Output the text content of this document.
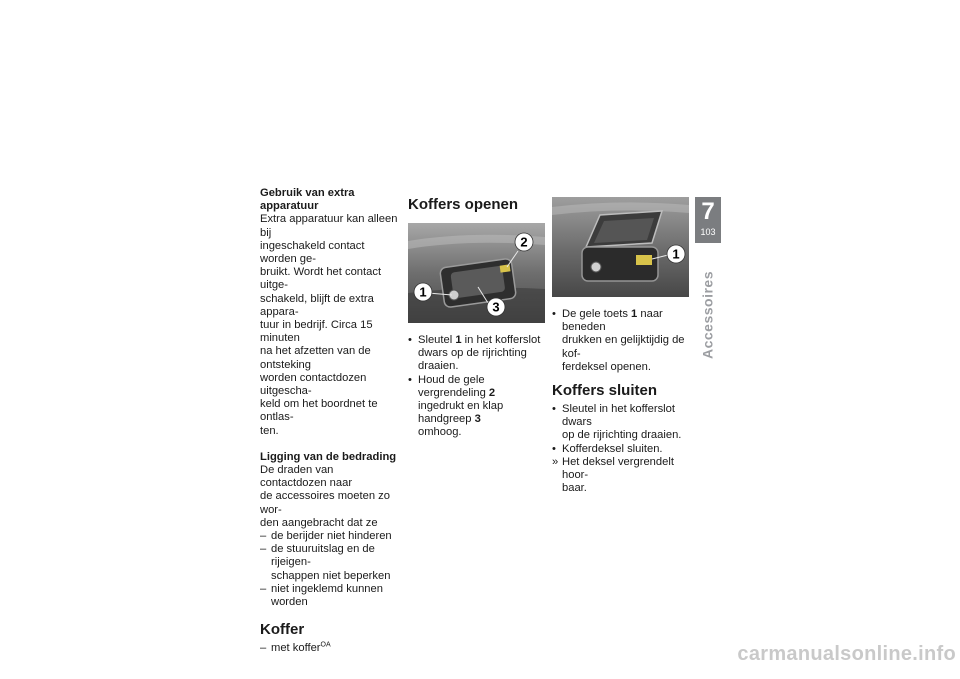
Gebruik van extra apparatuur
Extra apparatuur kan alleen bij
ingeschakeld contact worden ge-
bruikt. Wordt het contact uitge-
schakeld, blijft de extra appara-
tuur in bedrijf. Circa 15 minuten
na het afzetten van de ontsteking
worden contactdozen uitgescha-
keld om het boordnet te ontlas-
ten.
Ligging van de bedrading
De draden van contactdozen naar
de accessoires moeten zo wor-
den aangebracht dat ze
– de berijder niet hinderen
– de stuuruitslag en de rijeigen-
schappen niet beperken
– niet ingeklemd kunnen worden
Koffer
– met koffer$^{OA}$
Koffers openen
2
1
3
• Sleutel 1 in het kofferslot
dwars op de rijrichting draaien.
• Houd de gele vergrendeling 2
ingedrukt en klap handgreep 3
omhoog.
1
• De gele toets 1 naar beneden
drukken en gelijktijdig de kof-
ferdeksel openen.
Koffers sluiten
• Sleutel in het kofferslot dwars
op de rijrichting draaien.
• Kofferdeksel sluiten.
» Het deksel vergrendelt hoor-
baar.
7
103
Accessoires
carmanualsonline.info
